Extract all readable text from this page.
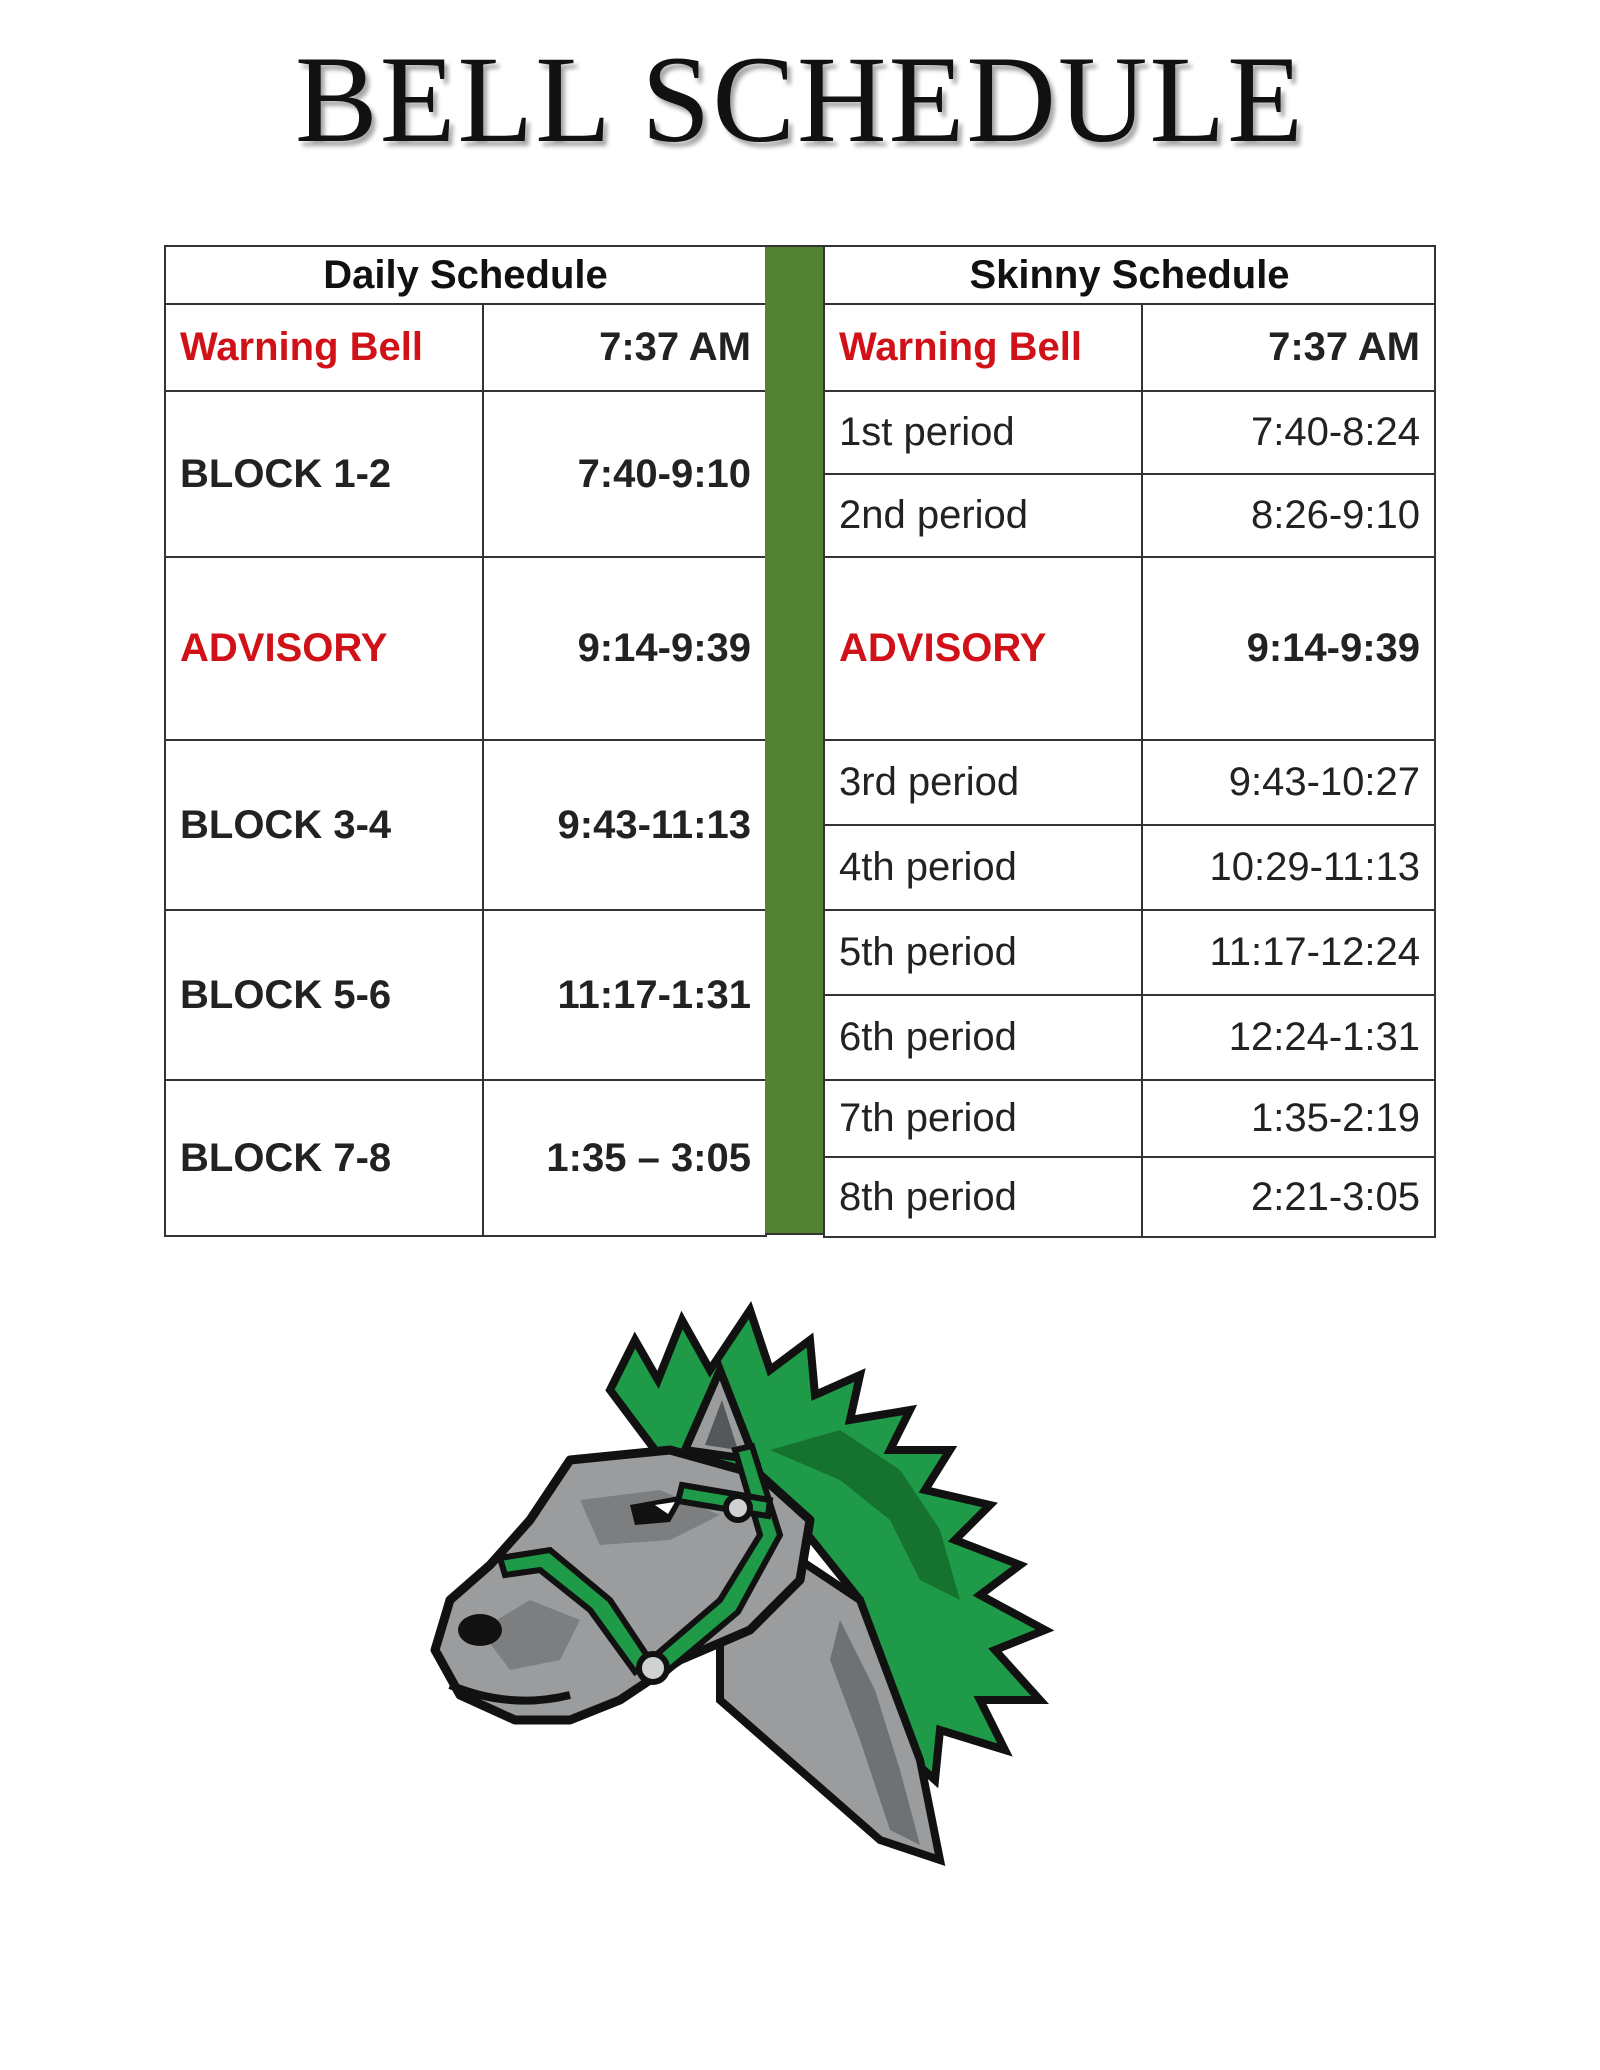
BELL SCHEDULE
Daily Schedule	
Warning Bell	7:37 AM
BLOCK 1-2	7:40-9:10
ADVISORY	9:14-9:39
BLOCK 3-4	9:43-11:13
BLOCK 5-6	11:17-1:31
BLOCK 7-8	1:35 – 3:05
Skinny Schedule	
Warning Bell	7:37 AM
1st period	7:40-8:24
2nd period	8:26-9:10
ADVISORY	9:14-9:39
3rd period	9:43-10:27
4th period	10:29-11:13
5th period	11:17-12:24
6th period	12:24-1:31
7th period	1:35-2:19
8th period	2:21-3:05
